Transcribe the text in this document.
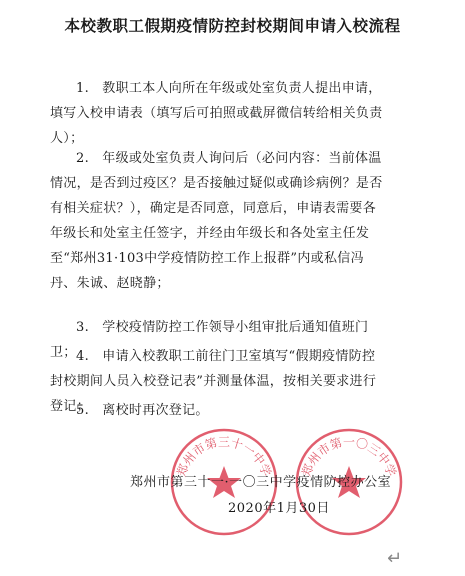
本校教职工假期疫情防控封校期间申请入校流程
1.　教职工本人向所在年级或处室负责人提出申请，填写入校申请表（填写后可拍照或截屏微信转给相关负责人）；
2.　年级或处室负责人询问后（必问内容：当前体温情况，是否到过疫区？是否接触过疑似或确诊病例？是否有相关症状？），确定是否同意，同意后，申请表需要各年级长和处室主任签字，并经由年级长和各处室主任发至“郑州31·103中学疫情防控工作上报群”内或私信冯丹、朱诚、赵晓静；
3.　学校疫情防控工作领导小组审批后通知值班门卫； 4.　申请入校教职工前往门卫室填写“假期疫情防控封校期间人员入校登记表”并测量体温，按相关要求进行登记；
5.　离校时再次登记。
郑州市第三十一中学 郑州市第一〇三中学
郑州市第三十一·一〇三中学疫情防控办公室
2020年1月30日
↵
